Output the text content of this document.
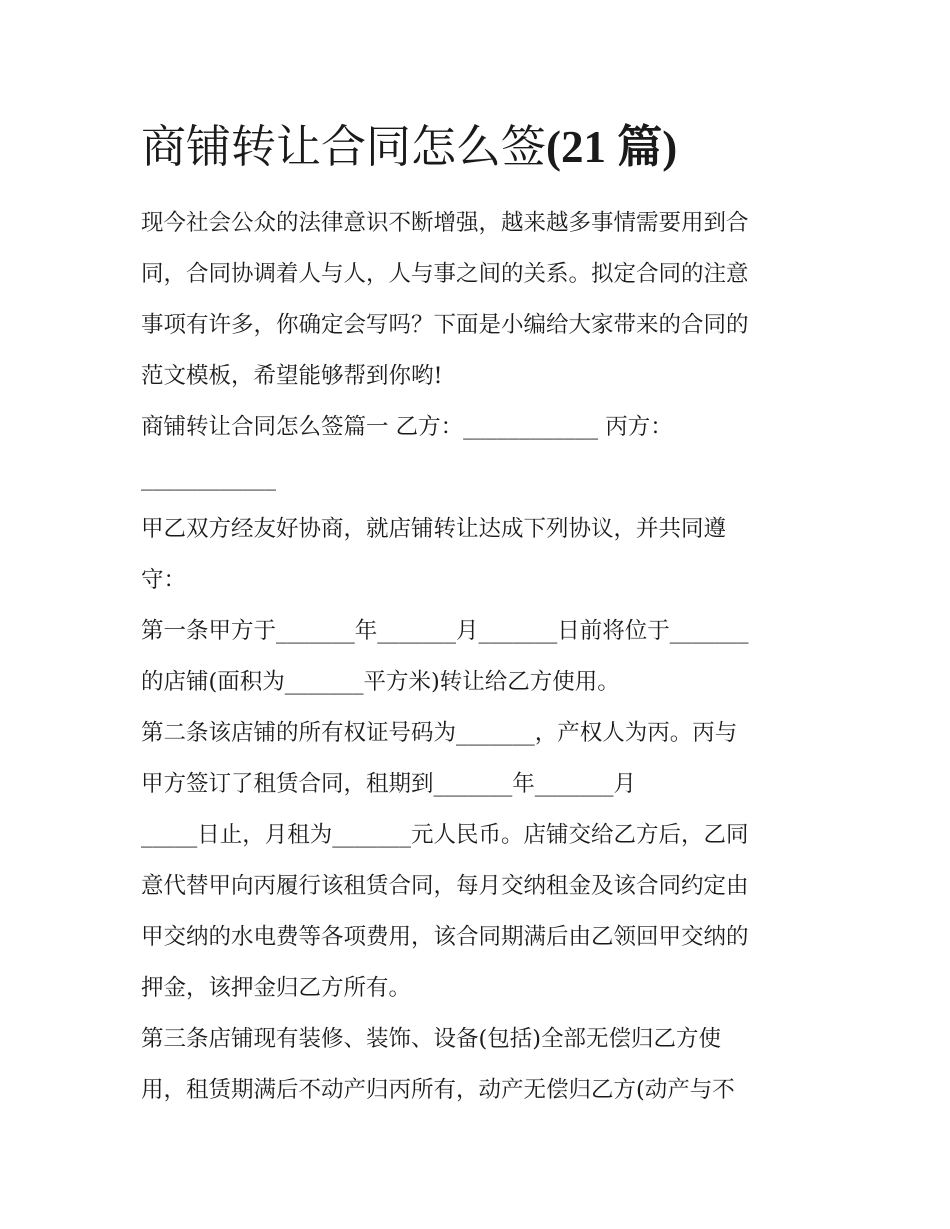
商铺转让合同怎么签(21 篇)

现今社会公众的法律意识不断增强，越来越多事情需要用到合
同，合同协调着人与人，人与事之间的关系。拟定合同的注意
事项有许多，你确定会写吗？下面是小编给大家带来的合同的
范文模板，希望能够帮到你哟!

商铺转让合同怎么签篇一 乙方：____________ 丙方：
____________

甲乙双方经友好协商，就店铺转让达成下列协议，并共同遵
守：

第一条甲方于_______年_______月_______日前将位于_______
的店铺(面积为_______平方米)转让给乙方使用。

第二条该店铺的所有权证号码为_______，产权人为丙。丙与
甲方签订了租赁合同，租期到_______年_______月
_____日止，月租为_______元人民币。店铺交给乙方后，乙同
意代替甲向丙履行该租赁合同，每月交纳租金及该合同约定由
甲交纳的水电费等各项费用，该合同期满后由乙领回甲交纳的
押金，该押金归乙方所有。

第三条店铺现有装修、装饰、设备(包括)全部无偿归乙方使
用，租赁期满后不动产归丙所有，动产无偿归乙方(动产与不
